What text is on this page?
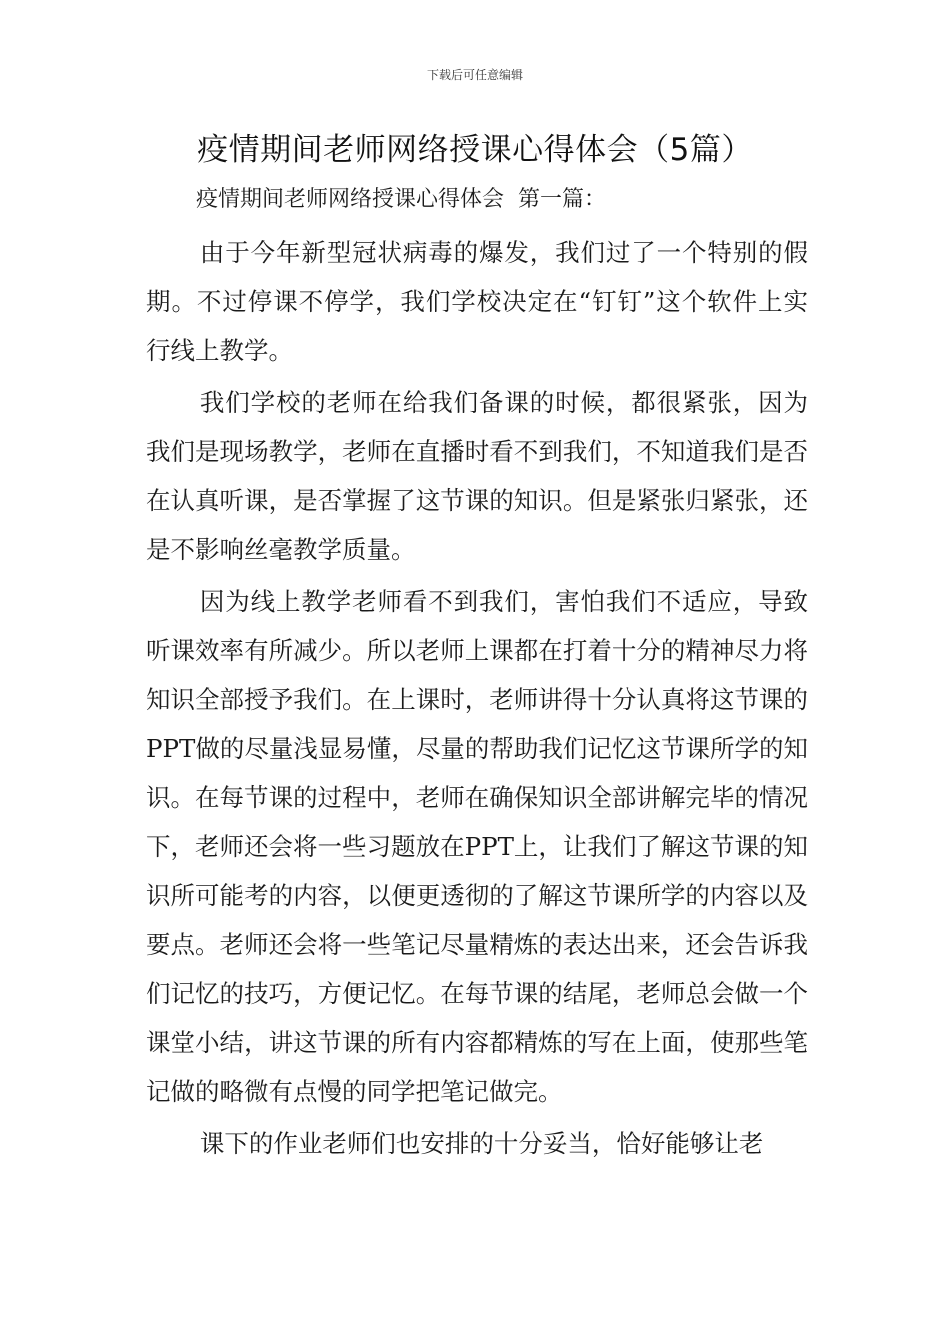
下载后可任意编辑
疫情期间老师网络授课心得体会（5篇）
疫情期间老师网络授课心得体会  第一篇：

由于今年新型冠状病毒的爆发，我们过了一个特别的假期。不过停课不停学，我们学校决定在“钉钉”这个软件上实行线上教学。

我们学校的老师在给我们备课的时候，都很紧张，因为我们是现场教学，老师在直播时看不到我们，不知道我们是否在认真听课，是否掌握了这节课的知识。但是紧张归紧张，还是不影响丝毫教学质量。

因为线上教学老师看不到我们，害怕我们不适应，导致听课效率有所减少。所以老师上课都在打着十分的精神尽力将知识全部授予我们。在上课时，老师讲得十分认真将这节课的PPT做的尽量浅显易懂，尽量的帮助我们记忆这节课所学的知识。在每节课的过程中，老师在确保知识全部讲解完毕的情况下，老师还会将一些习题放在PPT上，让我们了解这节课的知识所可能考的内容，以便更透彻的了解这节课所学的内容以及要点。老师还会将一些笔记尽量精炼的表达出来，还会告诉我们记忆的技巧，方便记忆。在每节课的结尾，老师总会做一个课堂小结，讲这节课的所有内容都精炼的写在上面，使那些笔记做的略微有点慢的同学把笔记做完。

课下的作业老师们也安排的十分妥当，恰好能够让老
